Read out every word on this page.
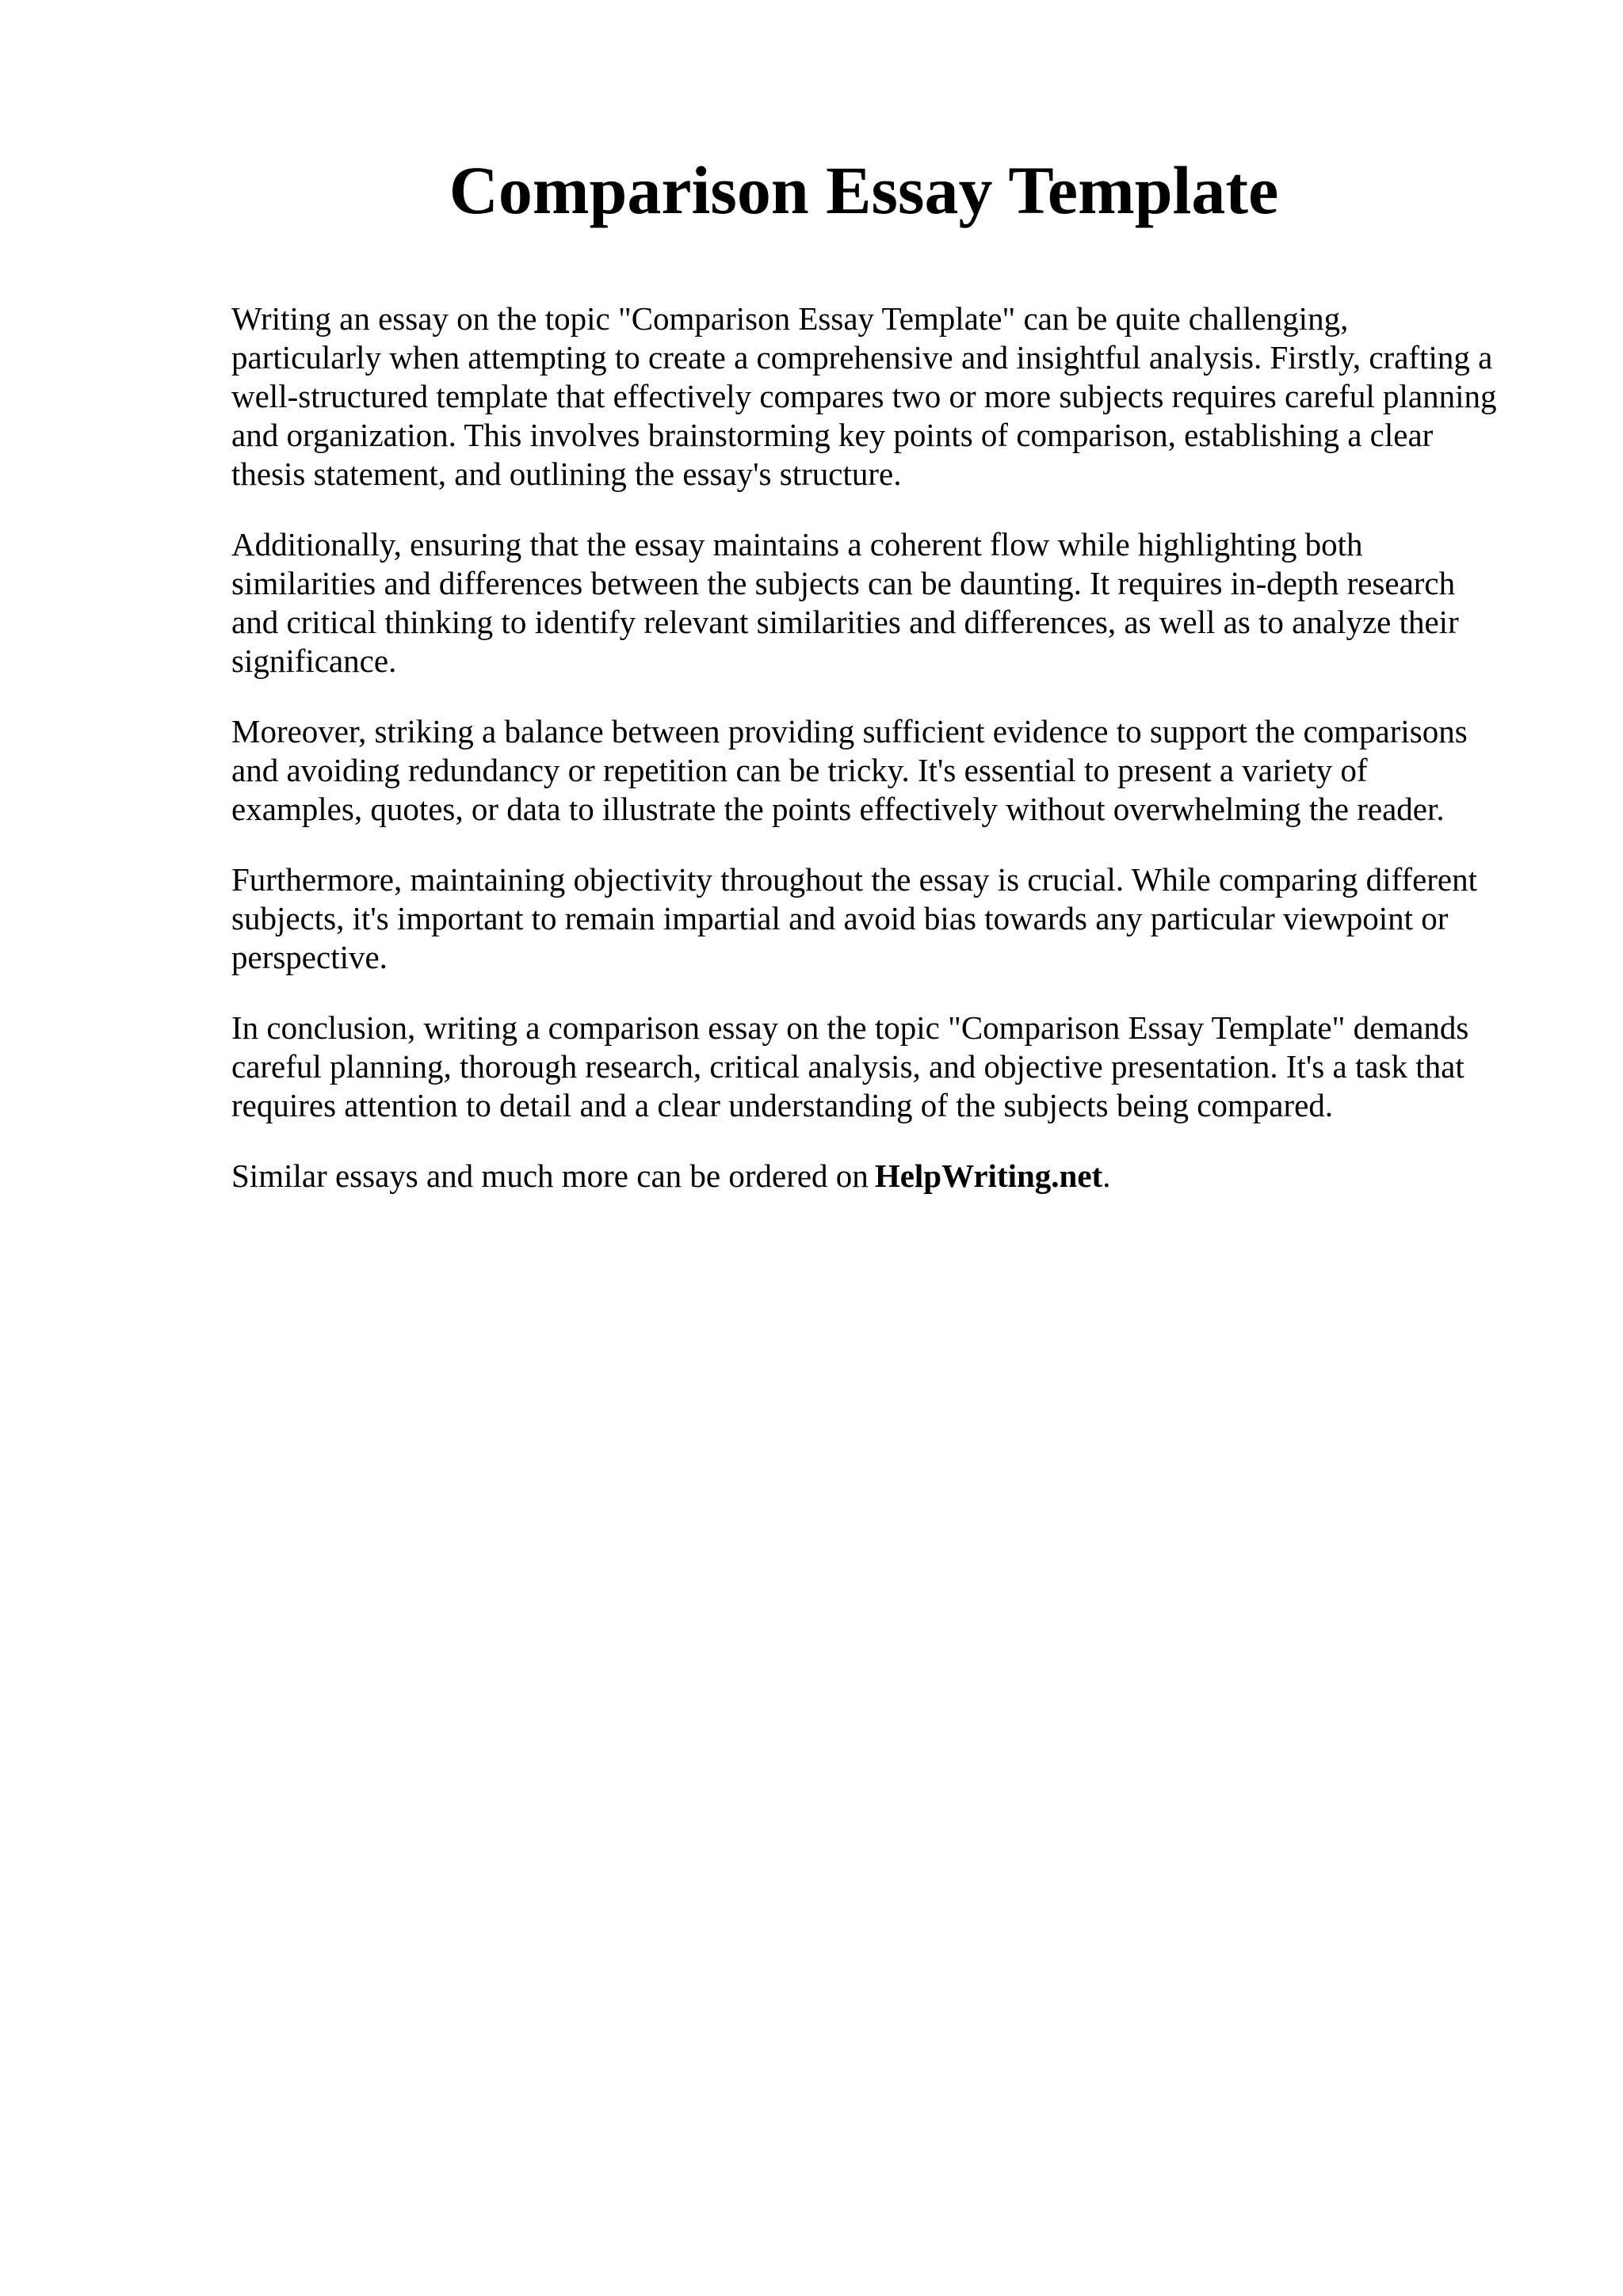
Comparison Essay Template

Writing an essay on the topic "Comparison Essay Template" can be quite challenging,
particularly when attempting to create a comprehensive and insightful analysis. Firstly, crafting a
well-structured template that effectively compares two or more subjects requires careful planning
and organization. This involves brainstorming key points of comparison, establishing a clear
thesis statement, and outlining the essay's structure.

Additionally, ensuring that the essay maintains a coherent flow while highlighting both
similarities and differences between the subjects can be daunting. It requires in-depth research
and critical thinking to identify relevant similarities and differences, as well as to analyze their
significance.

Moreover, striking a balance between providing sufficient evidence to support the comparisons
and avoiding redundancy or repetition can be tricky. It's essential to present a variety of
examples, quotes, or data to illustrate the points effectively without overwhelming the reader.

Furthermore, maintaining objectivity throughout the essay is crucial. While comparing different
subjects, it's important to remain impartial and avoid bias towards any particular viewpoint or
perspective.

In conclusion, writing a comparison essay on the topic "Comparison Essay Template" demands
careful planning, thorough research, critical analysis, and objective presentation. It's a task that
requires attention to detail and a clear understanding of the subjects being compared.

Similar essays and much more can be ordered on HelpWriting.net.
